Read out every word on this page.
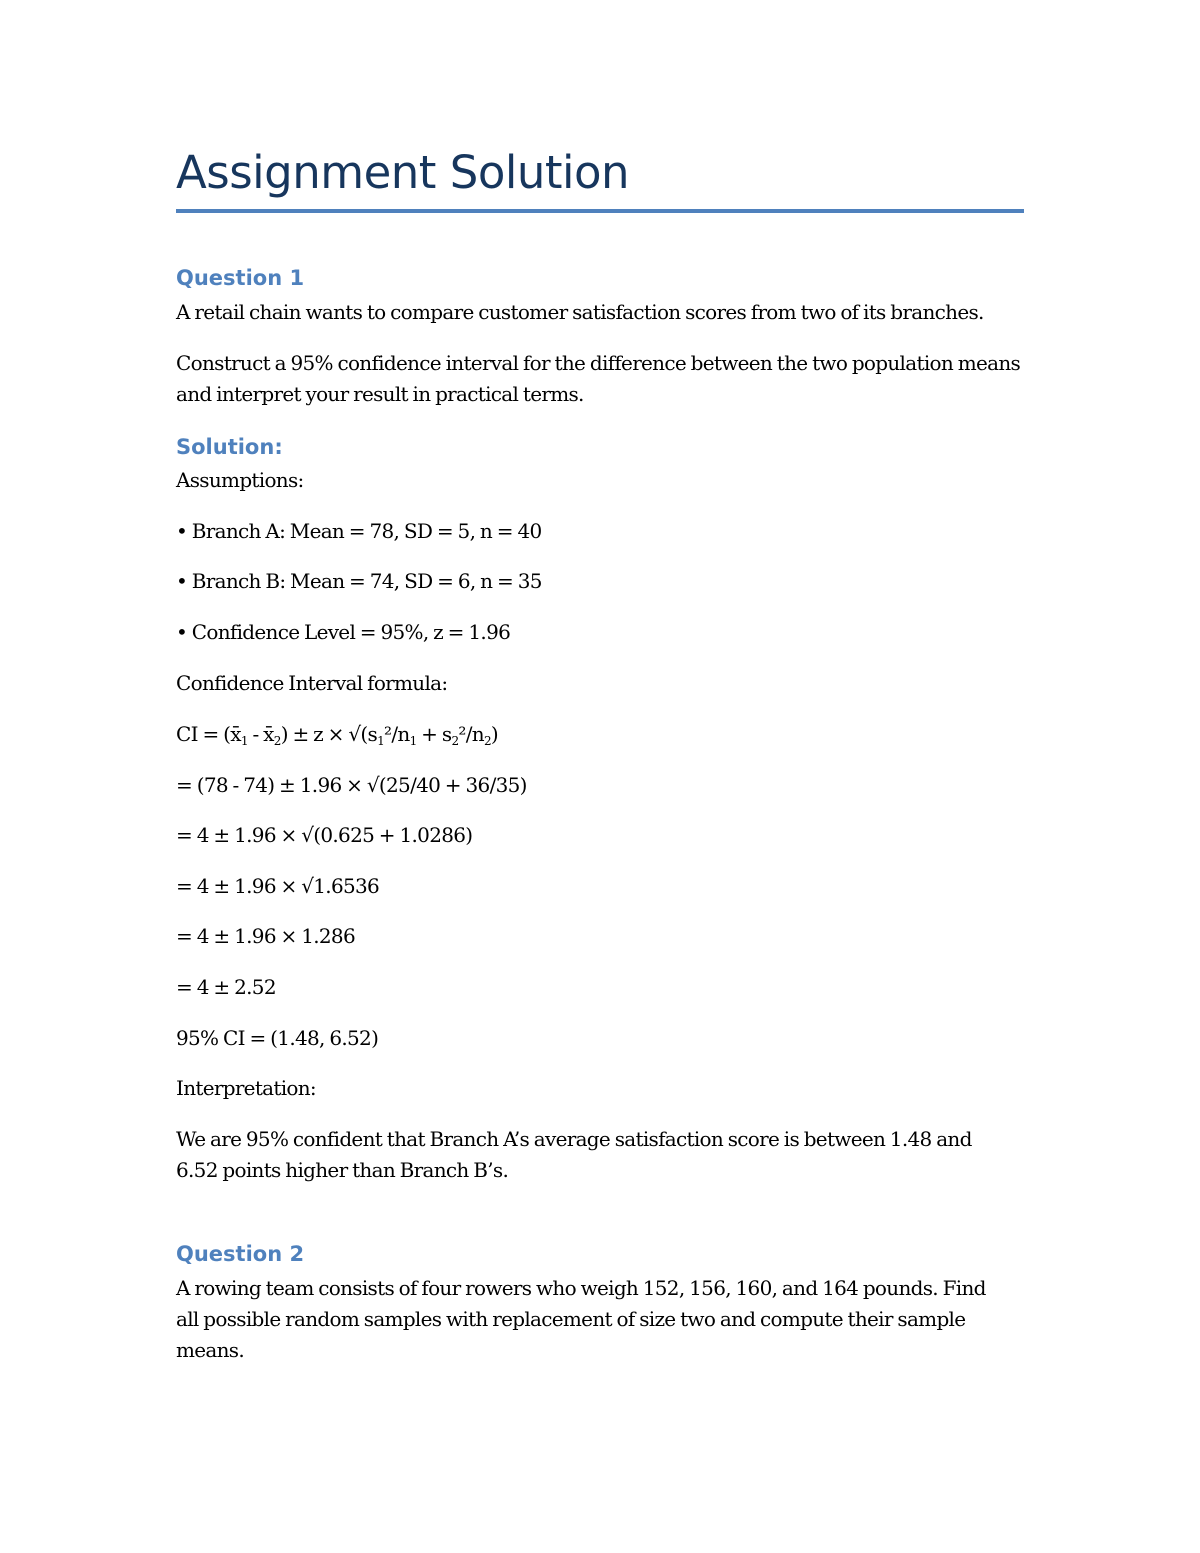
Assignment Solution
Question 1

A retail chain wants to compare customer satisfaction scores from two of its branches.

Construct a 95% confidence interval for the difference between the two population means
and interpret your result in practical terms.

Solution:

Assumptions:

• Branch A: Mean = 78, SD = 5, n = 40

• Branch B: Mean = 74, SD = 6, n = 35

• Confidence Level = 95%, z = 1.96

Confidence Interval formula:

CI = ($x̄_1$ - $x̄_2) \pm z \times √(s_1^2/n_1 + s_2^2/n_2)$

= (78 - 74) ± 1.96 × √(25/40 + 36/35)

= 4 ± 1.96 × √(0.625 + 1.0286)

= 4 ± 1.96 × √1.6536

= 4 ± 1.96 × 1.286

= 4 ± 2.52

95% CI = (1.48, 6.52)

Interpretation:

We are 95% confident that Branch A’s average satisfaction score is between 1.48 and
6.52 points higher than Branch B’s.

Question 2

A rowing team consists of four rowers who weigh 152, 156, 160, and 164 pounds. Find
all possible random samples with replacement of size two and compute their sample
means.
